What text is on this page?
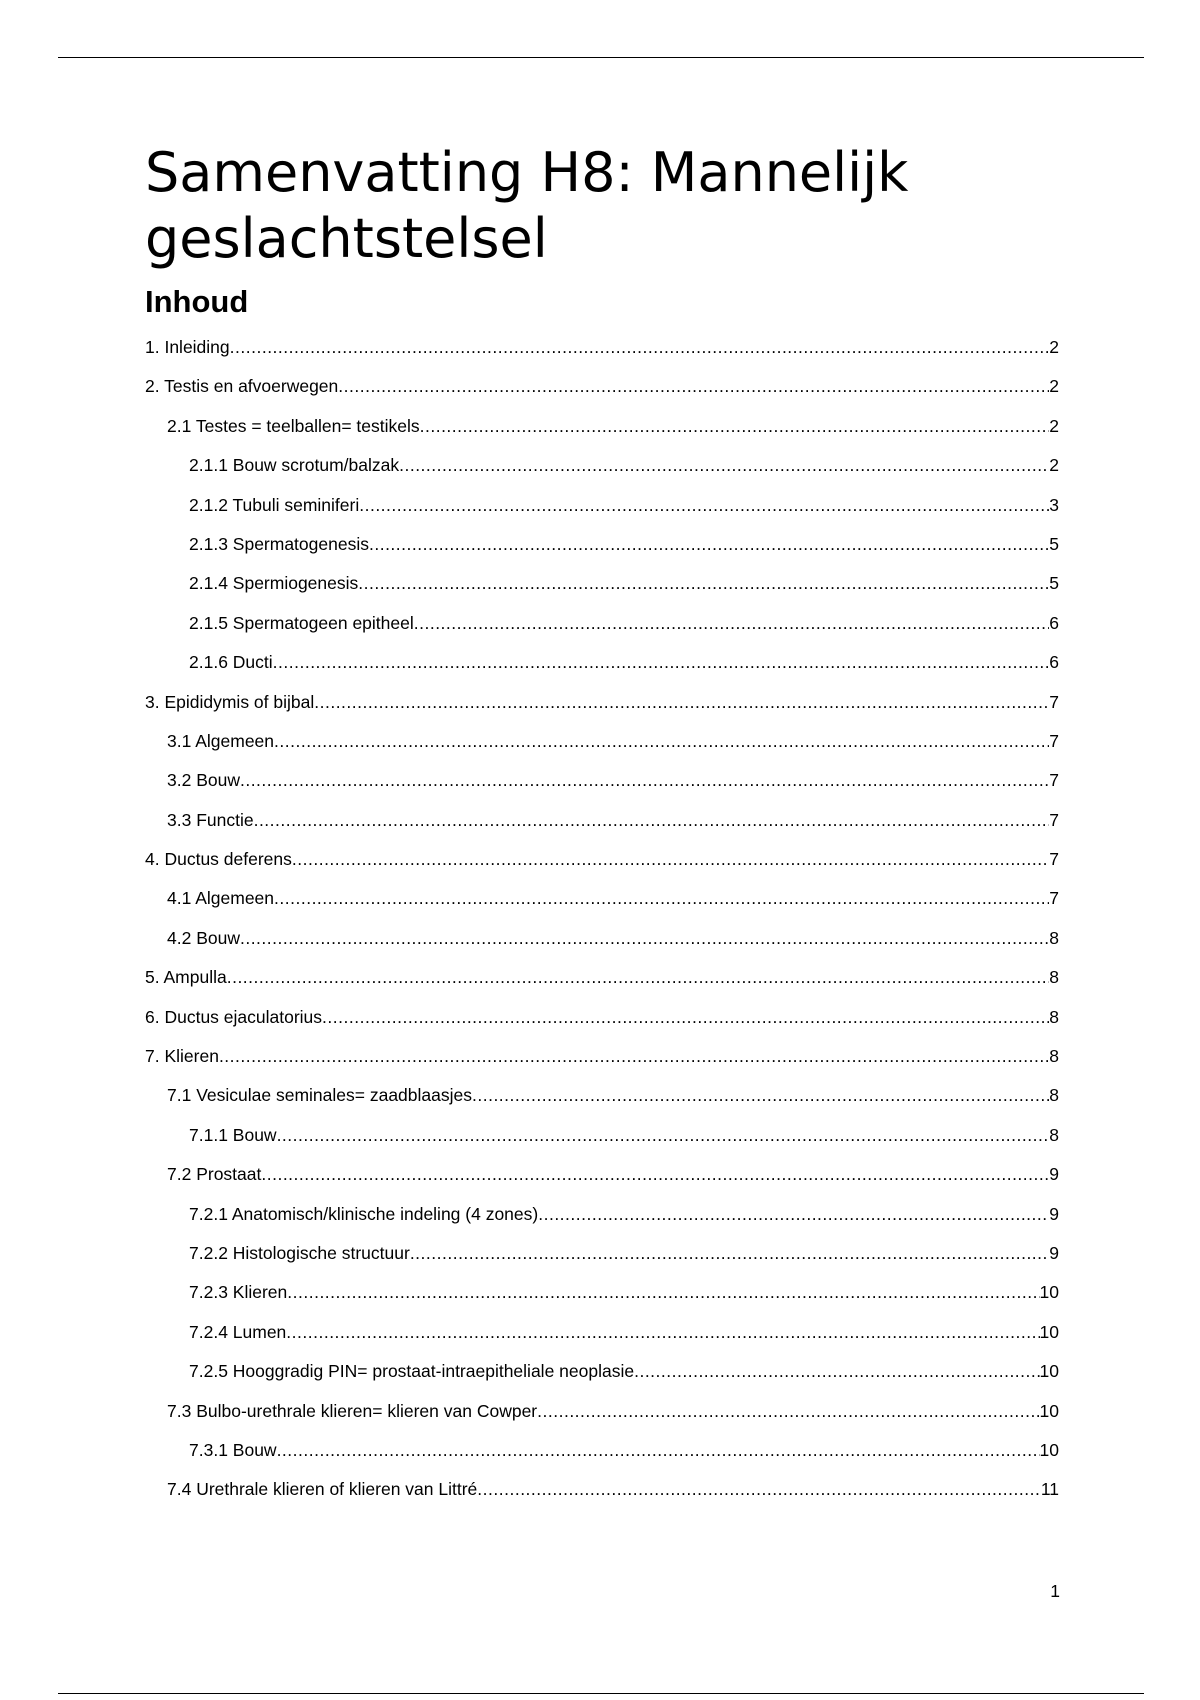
Samenvatting H8: Mannelijk geslachtstelsel
Inhoud
1. Inleiding .....	2
2. Testis en afvoerwegen .....	2
2.1 Testes = teelballen= testikels .....	2
2.1.1 Bouw scrotum/balzak .....	2
2.1.2 Tubuli seminiferi .....	3
2.1.3 Spermatogenesis .....	5
2.1.4 Spermiogenesis .....	5
2.1.5 Spermatogeen epitheel .....	6
2.1.6 Ducti .....	6
3. Epididymis of bijbal .....	7
3.1 Algemeen .....	7
3.2 Bouw .....	7
3.3 Functie .....	7
4. Ductus deferens .....	7
4.1 Algemeen .....	7
4.2 Bouw .....	8
5. Ampulla .....	8
6. Ductus ejaculatorius .....	8
7. Klieren .....	8
7.1 Vesiculae seminales= zaadblaasjes .....	8
7.1.1 Bouw .....	8
7.2 Prostaat .....	9
7.2.1 Anatomisch/klinische indeling (4 zones) .....	9
7.2.2 Histologische structuur .....	9
7.2.3 Klieren .....	10
7.2.4 Lumen .....	10
7.2.5 Hooggradig PIN= prostaat-intraepitheliale neoplasie .....	10
7.3 Bulbo-urethrale klieren= klieren van Cowper .....	10
7.3.1 Bouw .....	10
7.4 Urethrale klieren of klieren van Littré .....	11
1
